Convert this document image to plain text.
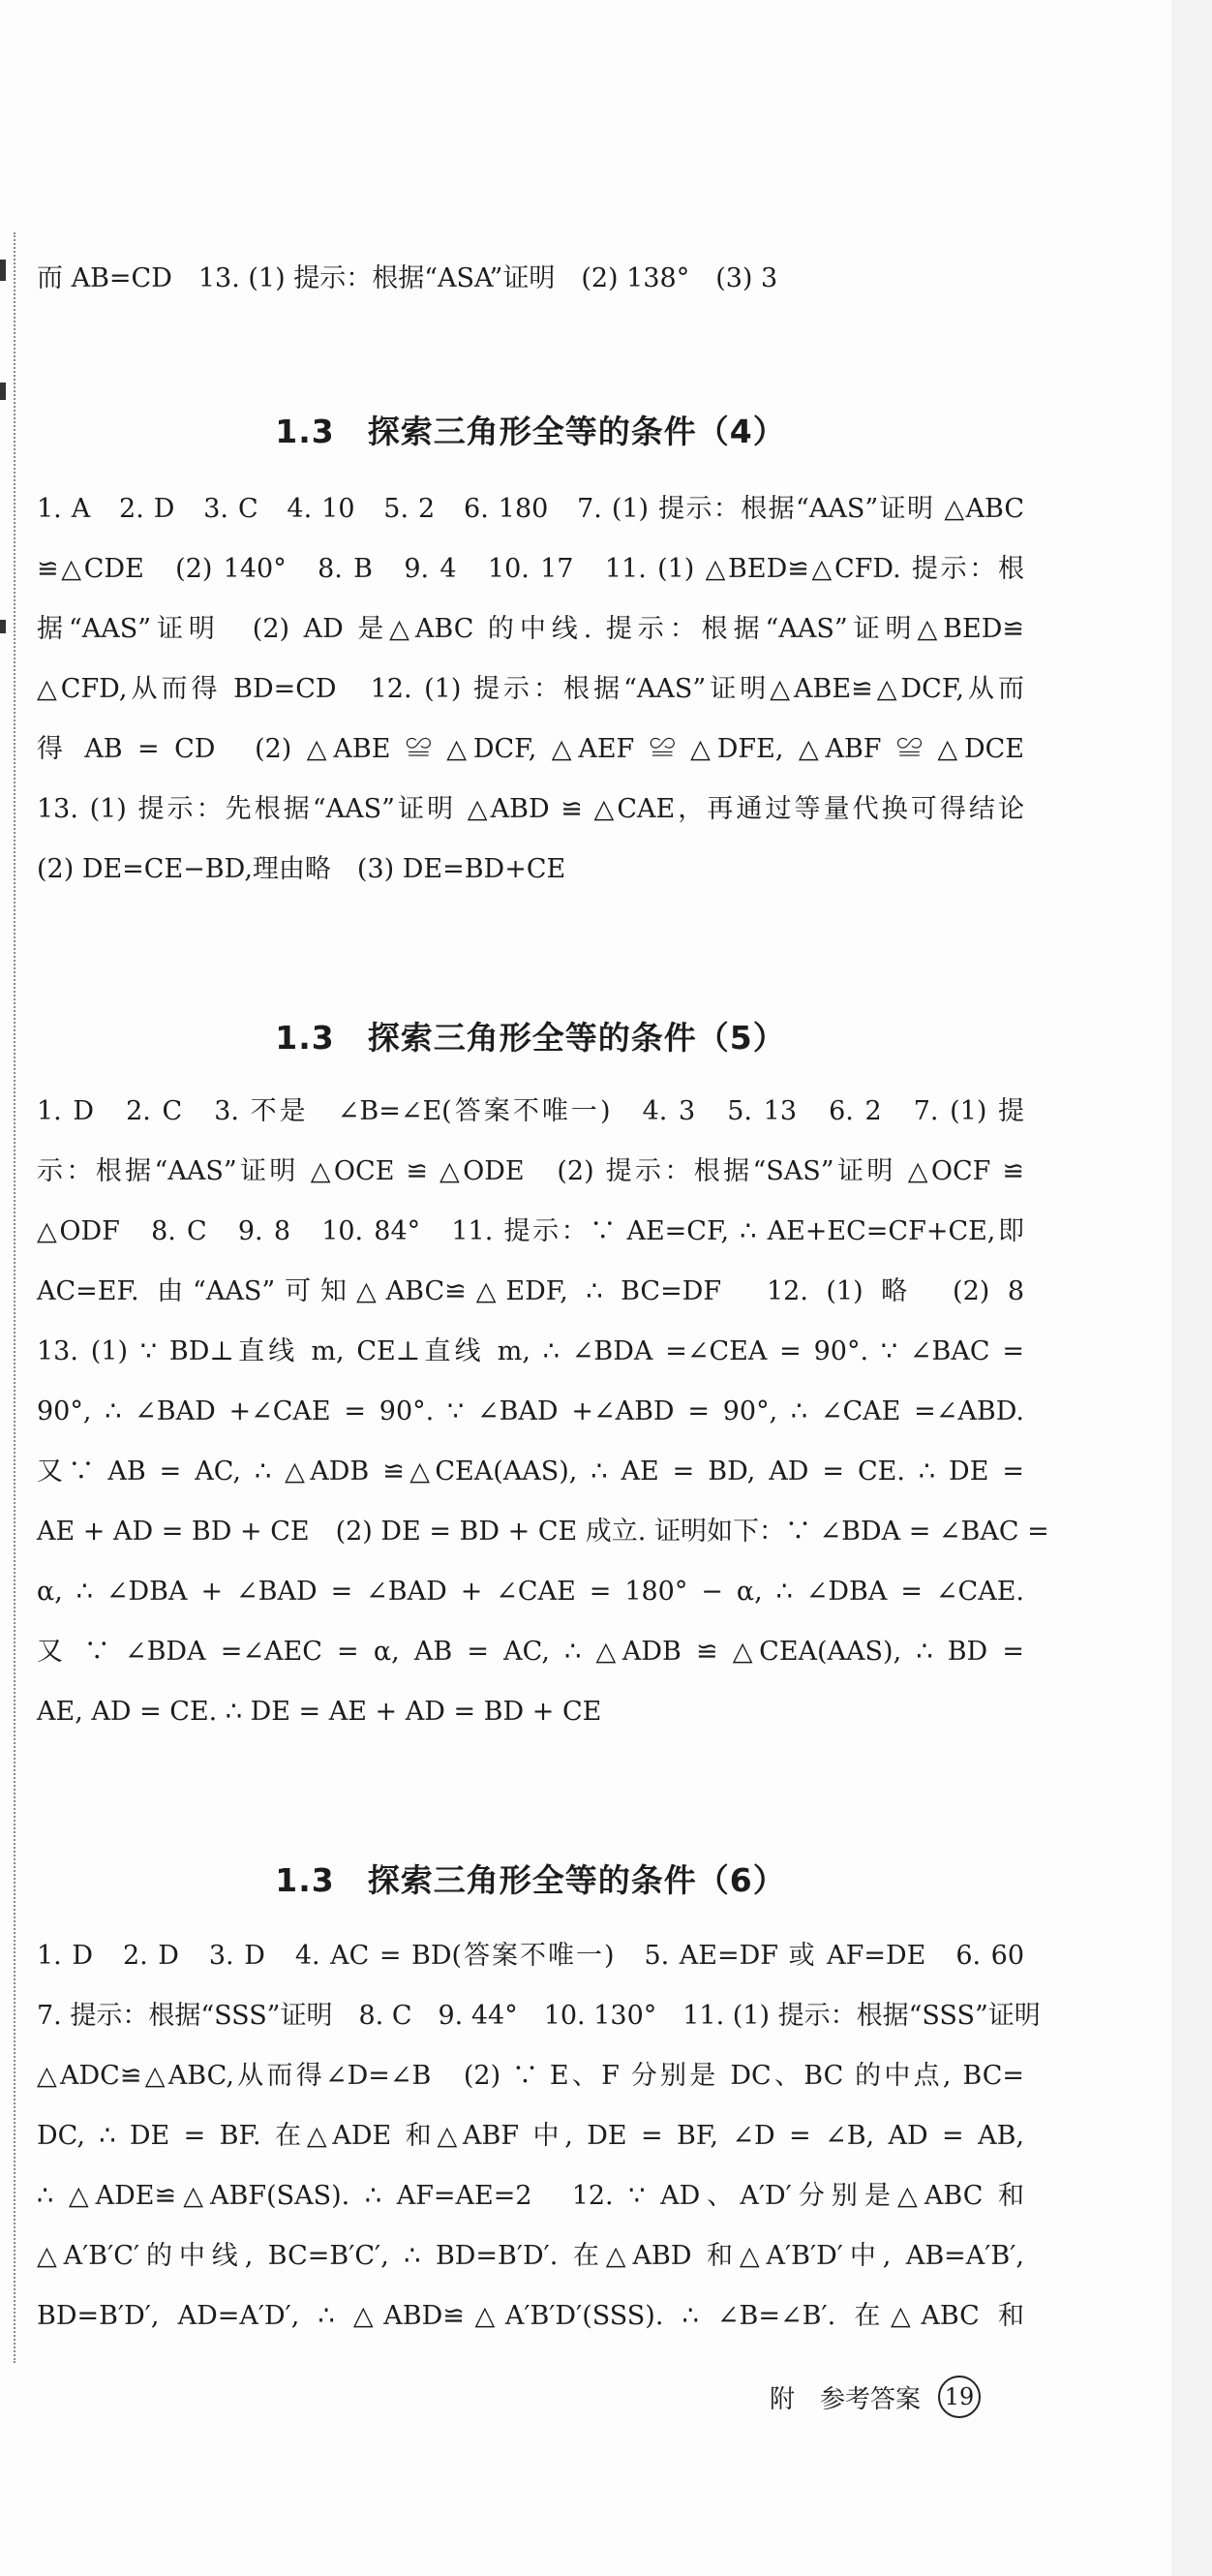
而 AB=CD　13. (1) 提示：根据“ASA”证明　(2) 138°　(3) 3
1.3　探索三角形全等的条件（4）
1. A　2. D　3. C　4. 10　5. 2　6. 180　7. (1) 提示：根据“AAS”证明 △ABC
≌△CDE　(2) 140°　8. B　9. 4　10. 17　11. (1) △BED≌△CFD. 提示：根
据“AAS”证明　(2) AD 是△ABC 的中线. 提示：根据“AAS”证明△BED≌
△CFD,从而得 BD=CD　12. (1) 提示：根据“AAS”证明△ABE≌△DCF,从而
得 AB = CD　(2) △ABE ≌ △DCF, △AEF ≌ △DFE, △ABF ≌ △DCE
13. (1) 提示：先根据“AAS”证明 △ABD ≌ △CAE，再通过等量代换可得结论
(2) DE=CE−BD,理由略　(3) DE=BD+CE
1.3　探索三角形全等的条件（5）
1. D　2. C　3. 不是　∠B=∠E(答案不唯一)　4. 3　5. 13　6. 2　7. (1) 提
示：根据“AAS”证明 △OCE ≌ △ODE　(2) 提示：根据“SAS”证明 △OCF ≌
△ODF　8. C　9. 8　10. 84°　11. 提示：∵ AE=CF, ∴ AE+EC=CF+CE,即
AC=EF. 由“AAS”可知△ABC≌△EDF, ∴ BC=DF　12. (1) 略　(2) 8
13. (1) ∵ BD⊥直线 m, CE⊥直线 m, ∴ ∠BDA =∠CEA = 90°. ∵ ∠BAC =
90°, ∴ ∠BAD +∠CAE = 90°. ∵ ∠BAD +∠ABD = 90°, ∴ ∠CAE =∠ABD.
又∵ AB = AC, ∴ △ADB ≌△CEA(AAS), ∴ AE = BD, AD = CE. ∴ DE =
AE + AD = BD + CE　(2) DE = BD + CE 成立. 证明如下：∵ ∠BDA = ∠BAC =
α, ∴ ∠DBA + ∠BAD = ∠BAD + ∠CAE = 180° − α, ∴ ∠DBA = ∠CAE.
又 ∵ ∠BDA =∠AEC = α, AB = AC, ∴ △ADB ≌ △CEA(AAS), ∴ BD =
AE, AD = CE. ∴ DE = AE + AD = BD + CE
1.3　探索三角形全等的条件（6）
1. D　2. D　3. D　4. AC = BD(答案不唯一)　5. AE=DF 或 AF=DE　6. 60
7. 提示：根据“SSS”证明　8. C　9. 44°　10. 130°　11. (1) 提示：根据“SSS”证明
△ADC≌△ABC,从而得∠D=∠B　(2) ∵ E、F 分别是 DC、BC 的中点, BC=
DC, ∴ DE = BF. 在△ADE 和△ABF 中, DE = BF, ∠D = ∠B, AD = AB,
∴ △ADE≌△ABF(SAS). ∴ AF=AE=2　12. ∵ AD、A′D′分别是△ABC 和
△A′B′C′的中线, BC=B′C′, ∴ BD=B′D′. 在△ABD 和△A′B′D′中, AB=A′B′,
BD=B′D′, AD=A′D′, ∴ △ABD≌△A′B′D′(SSS). ∴ ∠B=∠B′. 在△ABC 和
附　参考答案 19
